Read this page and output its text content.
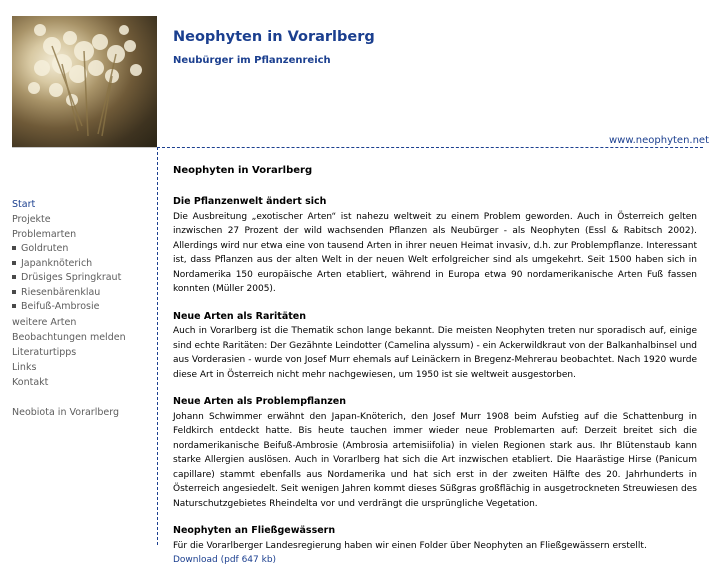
Neophyten in Vorarlberg
Neubürger im Pflanzenreich
www.neophyten.net
Start
Projekte
Problemarten
Goldruten
Japanknöterich
Drüsiges Springkraut
Riesenbärenklau
Beifuß-Ambrosie
weitere Arten
Beobachtungen melden
Literaturtipps
Links
Kontakt
Neobiota in Vorarlberg
Neophyten in Vorarlberg
Die Pflanzenwelt ändert sich

Die Ausbreitung „exotischer Arten“ ist nahezu weltweit zu einem Problem geworden. Auch in Österreich gelten inzwischen 27 Prozent der wild wachsenden Pflanzen als Neubürger - als Neophyten (Essl & Rabitsch 2002). Allerdings wird nur etwa eine von tausend Arten in ihrer neuen Heimat invasiv, d.h. zur Problempflanze. Interessant ist, dass Pflanzen aus der alten Welt in der neuen Welt erfolgreicher sind als umgekehrt. Seit 1500 haben sich in Nordamerika 150 europäische Arten etabliert, während in Europa etwa 90 nordamerikanische Arten Fuß fassen konnten (Müller 2005).

Neue Arten als Raritäten

Auch in Vorarlberg ist die Thematik schon lange bekannt. Die meisten Neophyten treten nur sporadisch auf, einige sind echte Raritäten: Der Gezähnte Leindotter (Camelina alyssum) - ein Ackerwildkraut von der Balkanhalbinsel und aus Vorderasien - wurde von Josef Murr ehemals auf Leinäckern in Bregenz-Mehrerau beobachtet. Nach 1920 wurde diese Art in Österreich nicht mehr nachgewiesen, um 1950 ist sie weltweit ausgestorben.

Neue Arten als Problempflanzen

Johann Schwimmer erwähnt den Japan-Knöterich, den Josef Murr 1908 beim Aufstieg auf die Schattenburg in Feldkirch entdeckt hatte. Bis heute tauchen immer wieder neue Problemarten auf: Derzeit breitet sich die nordamerikanische Beifuß-Ambrosie (Ambrosia artemisiifolia) in vielen Regionen stark aus. Ihr Blütenstaub kann starke Allergien auslösen. Auch in Vorarlberg hat sich die Art inzwischen etabliert. Die Haarästige Hirse (Panicum capillare) stammt ebenfalls aus Nordamerika und hat sich erst in der zweiten Hälfte des 20. Jahrhunderts in Österreich angesiedelt. Seit wenigen Jahren kommt dieses Süßgras großflächig in ausgetrockneten Streuwiesen des Naturschutzgebietes Rheindelta vor und verdrängt die ursprüngliche Vegetation.

Neophyten an Fließgewässern

Für die Vorarlberger Landesregierung haben wir einen Folder über Neophyten an Fließgewässern erstellt.

Download (pdf 647 kb)
